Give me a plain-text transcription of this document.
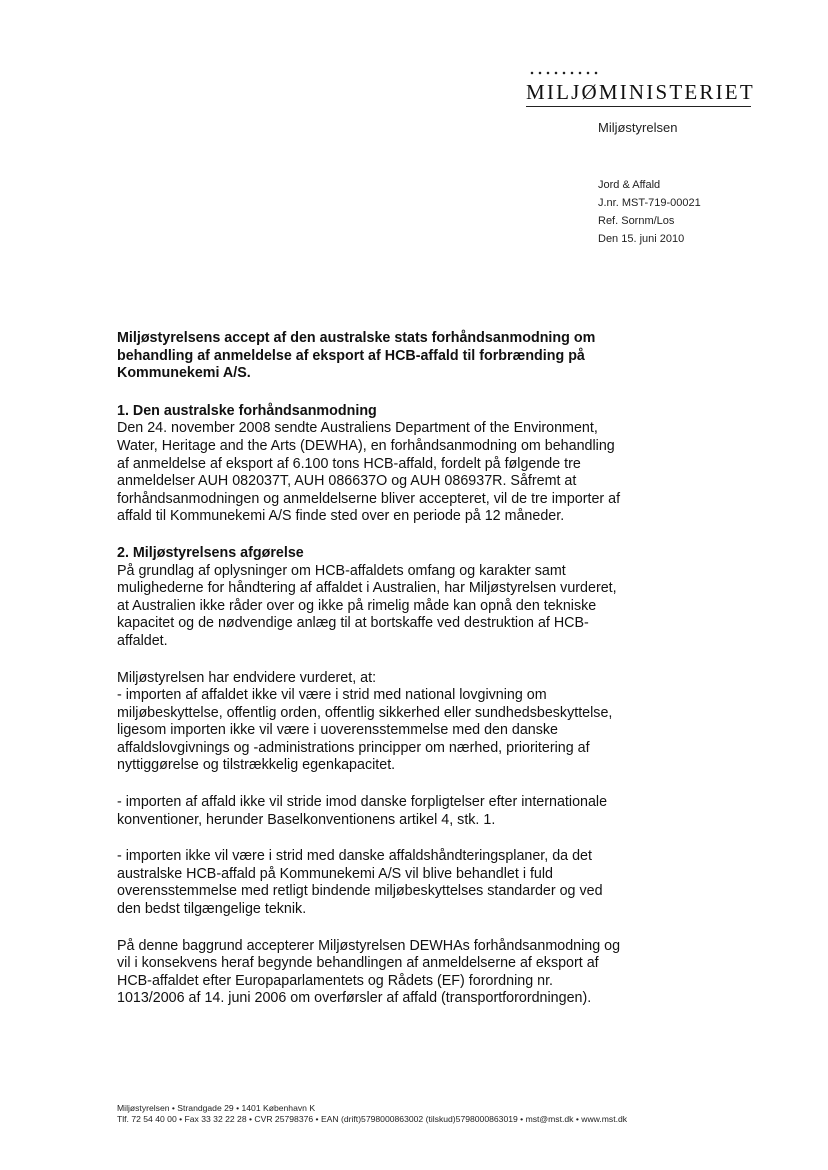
MILJØMINISTERIET
Miljøstyrelsen
Jord & Affald
J.nr. MST-719-00021
Ref. Sornm/Los
Den 15. juni 2010
Miljøstyrelsens accept af den australske stats forhåndsanmodning om behandling af anmeldelse af eksport af HCB-affald til forbrænding på Kommunekemi A/S.
1. Den australske forhåndsanmodning
Den 24. november 2008 sendte Australiens Department of the Environment, Water, Heritage and the Arts (DEWHA), en forhåndsanmodning om behandling af anmeldelse af eksport af 6.100 tons HCB-affald, fordelt på følgende tre anmeldelser AUH 082037T, AUH 086637O og AUH 086937R. Såfremt at forhåndsanmodningen og anmeldelserne bliver accepteret, vil de tre importer af affald til Kommunekemi A/S finde sted over en periode på 12 måneder.
2. Miljøstyrelsens afgørelse
På grundlag af oplysninger om HCB-affaldets omfang og karakter samt mulighederne for håndtering af affaldet i Australien, har Miljøstyrelsen vurderet, at Australien ikke råder over og ikke på rimelig måde kan opnå den tekniske kapacitet og de nødvendige anlæg til at bortskaffe ved destruktion af HCB-affaldet.
Miljøstyrelsen har endvidere vurderet, at:
- importen af affaldet ikke vil være i strid med national lovgivning om miljøbeskyttelse, offentlig orden, offentlig sikkerhed eller sundhedsbeskyttelse, ligesom importen ikke vil være i uoverensstemmelse med den danske affaldslovgivnings og -administrations principper om nærhed, prioritering af nyttiggørelse og tilstrækkelig egenkapacitet.
- importen af affald ikke vil stride imod danske forpligtelser efter internationale konventioner, herunder Baselkonventionens artikel 4, stk. 1.
- importen ikke vil være i strid med danske affaldshåndteringsplaner, da det australske HCB-affald på Kommunekemi A/S vil blive behandlet i fuld overensstemmelse med retligt bindende miljøbeskyttelses standarder og ved den bedst tilgængelige teknik.
På denne baggrund accepterer Miljøstyrelsen DEWHAs forhåndsanmodning og vil i konsekvens heraf begynde behandlingen af anmeldelserne af eksport af HCB-affaldet efter Europaparlamentets og Rådets (EF) forordning nr. 1013/2006 af 14. juni 2006 om overførsler af affald (transportforordningen).
Miljøstyrelsen • Strandgade 29 • 1401 København K
Tlf. 72 54 40 00 • Fax 33 32 22 28 • CVR 25798376 • EAN (drift)5798000863002 (tilskud)5798000863019 • mst@mst.dk • www.mst.dk
